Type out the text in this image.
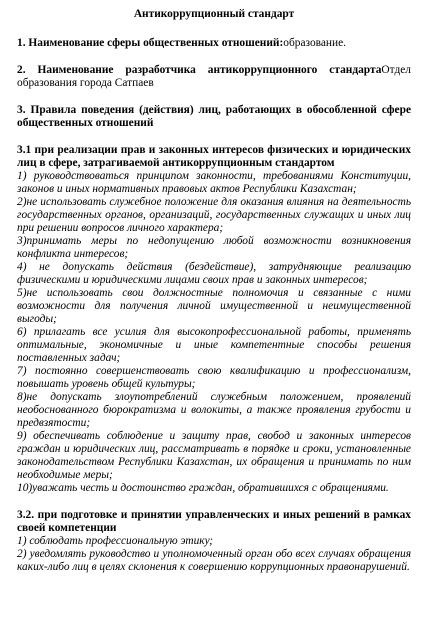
Антикоррупционный стандарт
1. Наименование сферы общественных отношений:образование.
2. Наименование разработчика антикоррупционного стандартаОтдел образования города Сатпаев
3. Правила поведения (действия) лиц, работающих в обособленной сфере общественных отношений
3.1 при реализации прав и законных интересов физических и юридических лиц в сфере, затрагиваемой антикоррупционным стандартом
1) руководствоваться принципом законности, требованиями Конституции, законов и иных нормативных правовых актов Республики Казахстан;
2)не использовать служебное положение для оказания влияния на деятельность государственных органов, организаций, государственных служащих и иных лиц при решении вопросов личного характера;
3)принимать меры по недопущению любой возможности возникновения конфликта интересов;
4) не допускать действия (бездействие), затрудняющие реализацию физическими и юридическими лицами своих прав и законных интересов;
5)не использовать свои должностные полномочия и связанные с ними возможности для получения личной имущественной и неимущественной выгоды;
6) прилагать все усилия для высокопрофессиональной работы, применять оптимальные, экономичные и иные компетентные способы решения поставленных задач;
7) постоянно совершенствовать свою квалификацию и профессионализм, повышать уровень общей культуры;
8)не допускать злоупотреблений служебным положением, проявлений необоснованного бюрократизма и волокиты, а также проявления грубости и предвзятости;
9) обеспечивать соблюдение и защиту прав, свобод и законных интересов граждан и юридических лиц, рассматривать в порядке и сроки, установленные законодательством Республики Казахстан, их обращения и принимать по ним необходимые меры;
10)уважать честь и достоинство граждан, обратившихся с обращениями.
3.2. при подготовке и принятии управленческих и иных решений в рамках своей компетенции
1) соблюдать профессиональную этику;
2) уведомлять руководство и уполномоченный орган обо всех случаях обращения каких-либо лиц в целях склонения к совершению коррупционных правонарушений.
